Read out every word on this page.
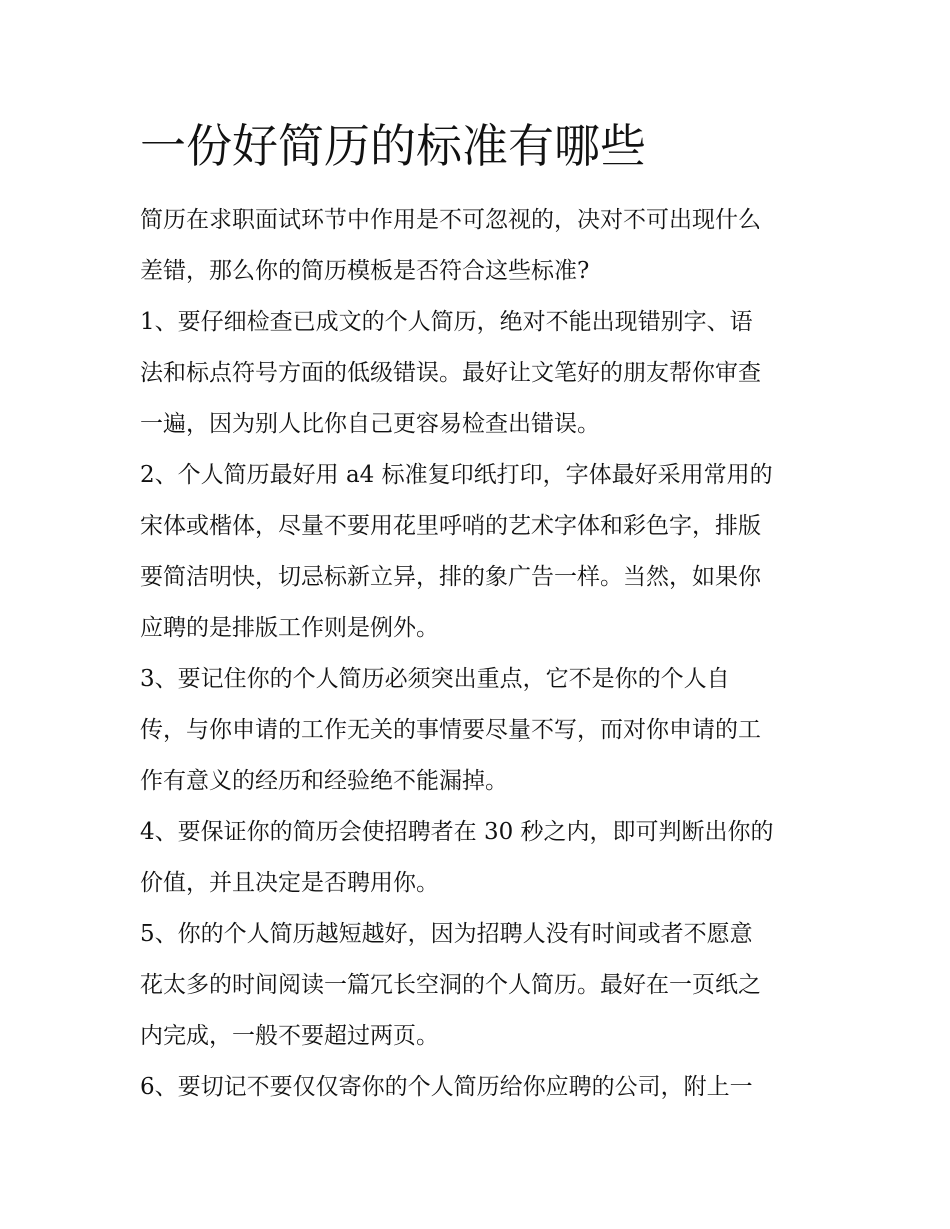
一份好简历的标准有哪些

简历在求职面试环节中作用是不可忽视的，决对不可出现什么
差错，那么你的简历模板是否符合这些标准?

1、要仔细检查已成文的个人简历，绝对不能出现错别字、语
法和标点符号方面的低级错误。最好让文笔好的朋友帮你审查
一遍，因为别人比你自己更容易检查出错误。

2、个人简历最好用 a4 标准复印纸打印，字体最好采用常用的
宋体或楷体，尽量不要用花里呼哨的艺术字体和彩色字，排版
要简洁明快，切忌标新立异，排的象广告一样。当然，如果你
应聘的是排版工作则是例外。

3、要记住你的个人简历必须突出重点，它不是你的个人自
传，与你申请的工作无关的事情要尽量不写，而对你申请的工
作有意义的经历和经验绝不能漏掉。

4、要保证你的简历会使招聘者在 30 秒之内，即可判断出你的
价值，并且决定是否聘用你。

5、你的个人简历越短越好，因为招聘人没有时间或者不愿意
花太多的时间阅读一篇冗长空洞的个人简历。最好在一页纸之
内完成，一般不要超过两页。

6、要切记不要仅仅寄你的个人简历给你应聘的公司，附上一
